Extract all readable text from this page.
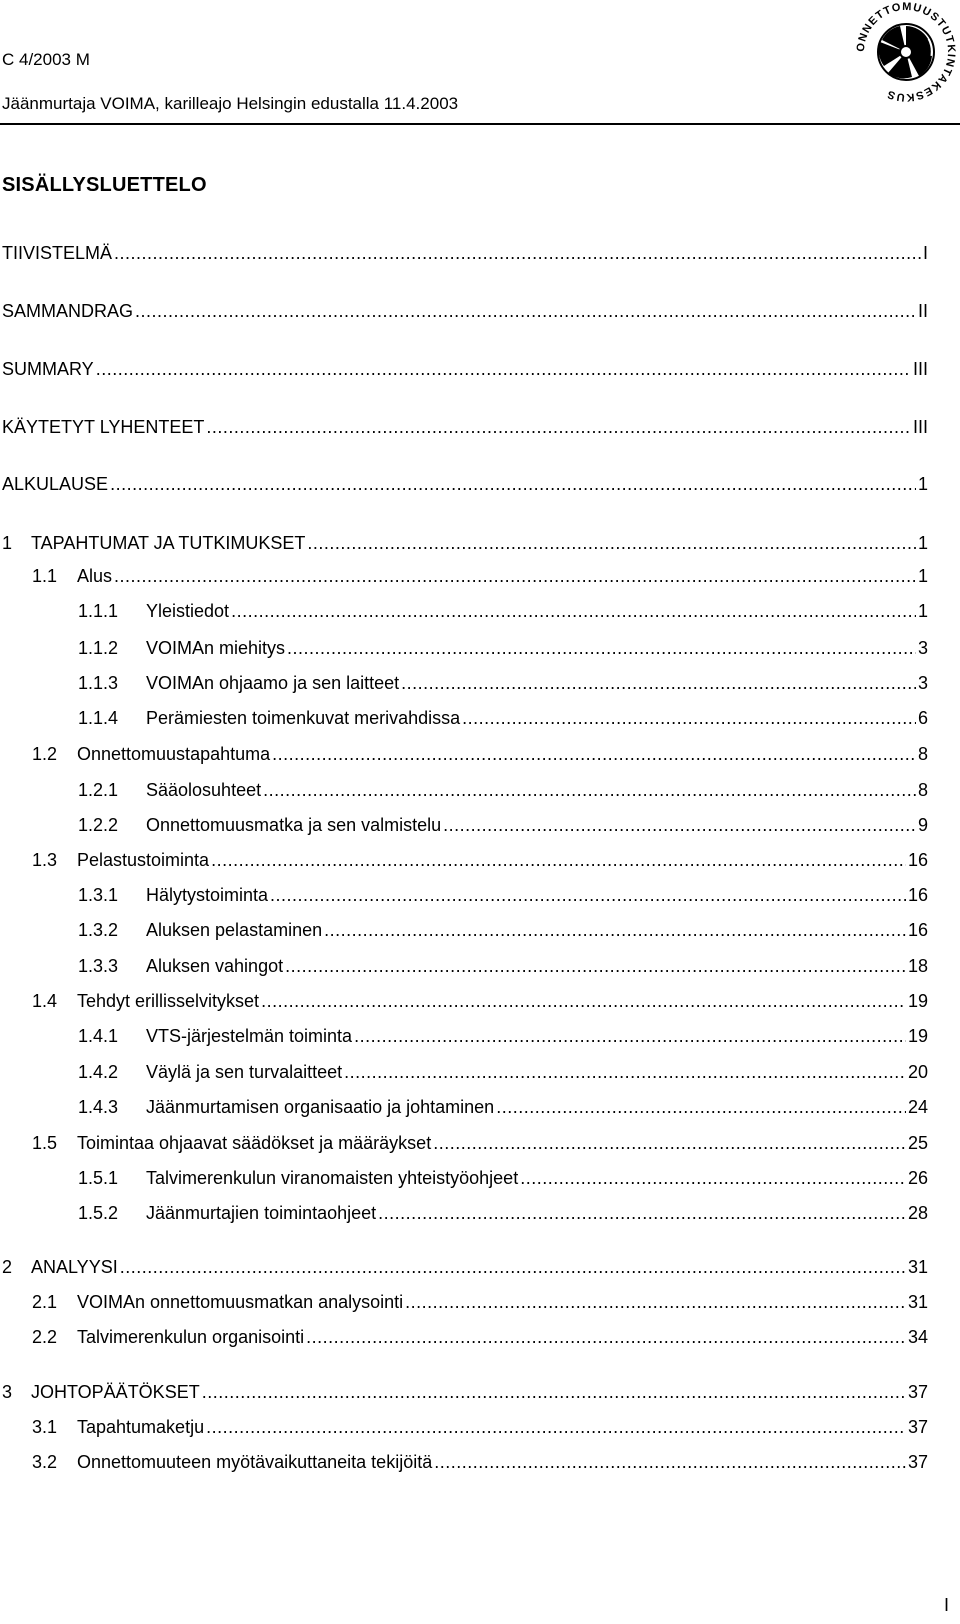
C 4/2003 M
Jäänmurtaja VOIMA, karilleajo Helsingin edustalla 11.4.2003
ONNETTOMUUSTUTKINTAKESKUS
SISÄLLYSLUETTELO
TIIVISTELMÄ .....	I
SAMMANDRAG .....	II
SUMMARY .....	III
KÄYTETYT LYHENTEET .....	III
ALKULAUSE .....	1
1	TAPAHTUMAT JA TUTKIMUKSET .....	1
1.1	Alus .....	1
1.1.1	Yleistiedot .....	1
1.1.2	VOIMAn miehitys .....	3
1.1.3	VOIMAn ohjaamo ja sen laitteet .....	3
1.1.4	Perämiesten toimenkuvat merivahdissa .....	6
1.2	Onnettomuustapahtuma .....	8
1.2.1	Sääolosuhteet .....	8
1.2.2	Onnettomuusmatka ja sen valmistelu .....	9
1.3	Pelastustoiminta .....	16
1.3.1	Hälytystoiminta .....	16
1.3.2	Aluksen pelastaminen .....	16
1.3.3	Aluksen vahingot .....	18
1.4	Tehdyt erillisselvitykset .....	19
1.4.1	VTS-järjestelmän toiminta .....	19
1.4.2	Väylä ja sen turvalaitteet .....	20
1.4.3	Jäänmurtamisen organisaatio ja johtaminen .....	24
1.5	Toimintaa ohjaavat säädökset ja määräykset .....	25
1.5.1	Talvimerenkulun viranomaisten yhteistyöohjeet .....	26
1.5.2	Jäänmurtajien toimintaohjeet .....	28
2	ANALYYSI .....	31
2.1	VOIMAn onnettomuusmatkan analysointi .....	31
2.2	Talvimerenkulun organisointi .....	34
3	JOHTOPÄÄTÖKSET .....	37
3.1	Tapahtumaketju .....	37
3.2	Onnettomuuteen myötävaikuttaneita tekijöitä .....	37
I
